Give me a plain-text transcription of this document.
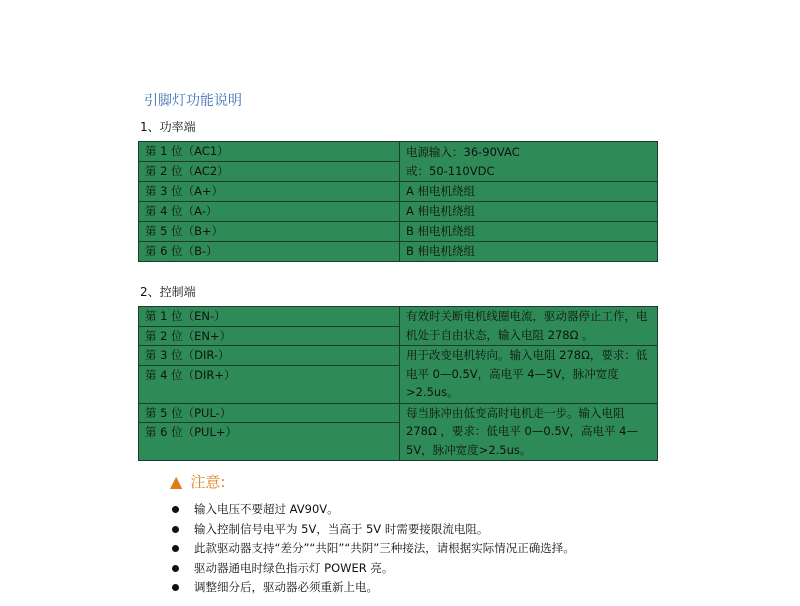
引脚灯功能说明
1、功率端
第 1 位（AC1）	电源输入：36-90VAC
或：50-110VDC

第 2 位（AC2）	
第 3 位（A+）	A 相电机绕组
第 4 位（A-）	A 相电机绕组
第 5 位（B+）	B 相电机绕组
第 6 位（B-）	B 相电机绕组
2、控制端
第 1 位（EN-）	有效时关断电机线圈电流，驱动器停止工作，电机处于自由状态，输入电阻 278Ω 。
第 2 位（EN+）	
第 3 位（DIR-）	用于改变电机转向。输入电阻 278Ω，要求：低电平 0—0.5V，高电平 4—5V，脉冲宽度 >2.5us。
第 4 位（DIR+）	
第 5 位（PUL-）	每当脉冲由低变高时电机走一步。输入电阻 278Ω ，要求：低电平 0—0.5V，高电平 4—5V，脉冲宽度>2.5us。
第 6 位（PUL+）	
▲ 注意:
输入电压不要超过 AV90V。
输入控制信号电平为 5V，当高于 5V 时需要接限流电阻。
此款驱动器支持“差分”“共阳”“共阴”三种接法，请根据实际情况正确选择。
驱动器通电时绿色指示灯 POWER 亮。
调整细分后，驱动器必须重新上电。
